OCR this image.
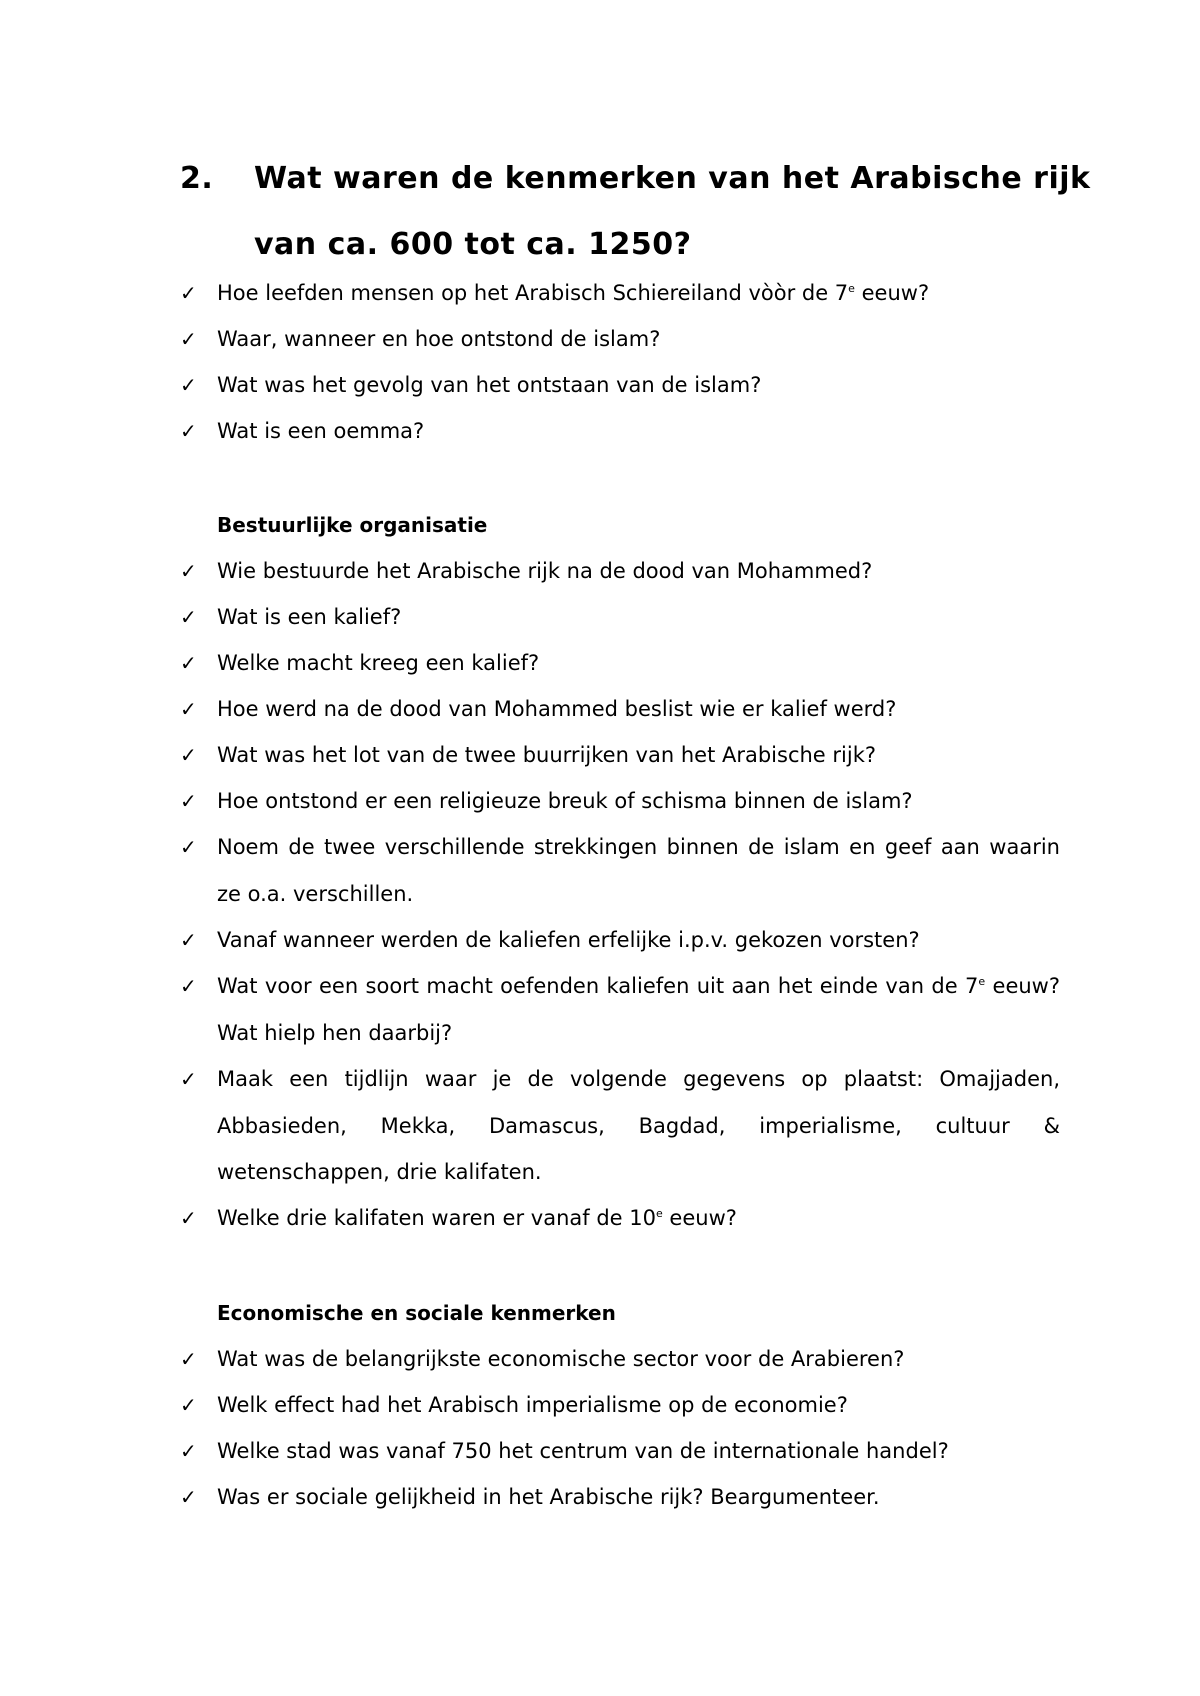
2. Wat waren de kenmerken van het Arabische rijk
van ca. 600 tot ca. 1250?
✓ Hoe leefden mensen op het Arabisch Schiereiland vòòr de 7e eeuw?
✓ Waar, wanneer en hoe ontstond de islam?
✓ Wat was het gevolg van het ontstaan van de islam?
✓ Wat is een oemma?
Bestuurlijke organisatie
✓ Wie bestuurde het Arabische rijk na de dood van Mohammed?
✓ Wat is een kalief?
✓ Welke macht kreeg een kalief?
✓ Hoe werd na de dood van Mohammed beslist wie er kalief werd?
✓ Wat was het lot van de twee buurrijken van het Arabische rijk?
✓ Hoe ontstond er een religieuze breuk of schisma binnen de islam?
✓ Noem de twee verschillende strekkingen binnen de islam en geef aan waarin ze o.a. verschillen.
✓ Vanaf wanneer werden de kaliefen erfelijke i.p.v. gekozen vorsten?
✓ Wat voor een soort macht oefenden kaliefen uit aan het einde van de 7e eeuw? Wat hielp hen daarbij?
✓ Maak een tijdlijn waar je de volgende gegevens op plaatst: Omajjaden, Abbasieden, Mekka, Damascus, Bagdad, imperialisme, cultuur & wetenschappen, drie kalifaten.
✓ Welke drie kalifaten waren er vanaf de 10e eeuw?
Economische en sociale kenmerken
✓ Wat was de belangrijkste economische sector voor de Arabieren?
✓ Welk effect had het Arabisch imperialisme op de economie?
✓ Welke stad was vanaf 750 het centrum van de internationale handel?
✓ Was er sociale gelijkheid in het Arabische rijk? Beargumenteer.
